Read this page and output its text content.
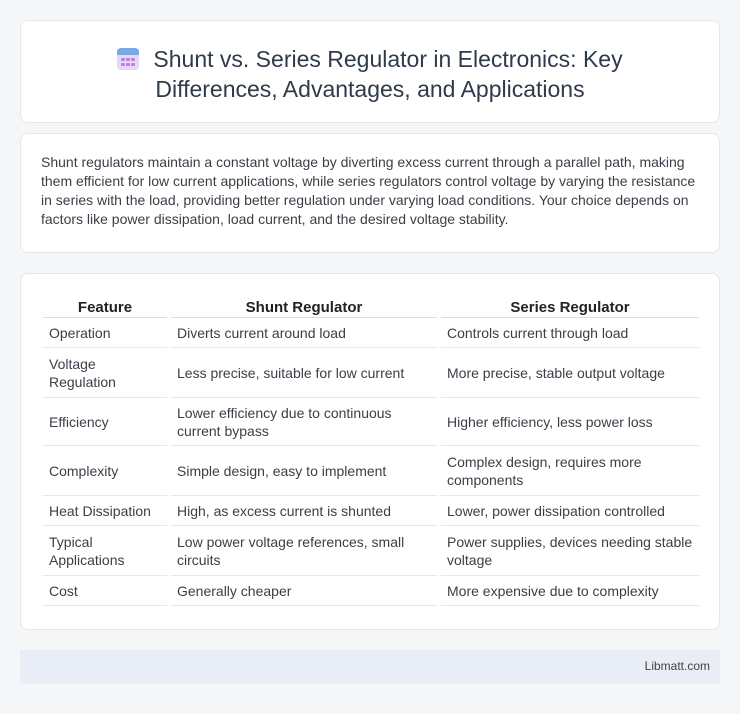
Shunt vs. Series Regulator in Electronics: Key
Differences, Advantages, and Applications

Shunt regulators maintain a constant voltage by diverting excess current through a parallel path, making them efficient for low current applications, while series regulators control voltage by varying the resistance in series with the load, providing better regulation under varying load conditions. Your choice depends on factors like power dissipation, load current, and the desired voltage stability.

Feature		Shunt Regulator		Series Regulator
Operation		Diverts current around load		Controls current through load
Voltage Regulation		Less precise, suitable for low current		More precise, stable output voltage
Efficiency		Lower efficiency due to continuous current bypass		Higher efficiency, less power loss
Complexity		Simple design, easy to implement		Complex design, requires more components
Heat Dissipation		High, as excess current is shunted		Lower, power dissipation controlled
Typical Applications		Low power voltage references, small circuits		Power supplies, devices needing stable voltage
Cost		Generally cheaper		More expensive due to complexity
Libmatt.com
